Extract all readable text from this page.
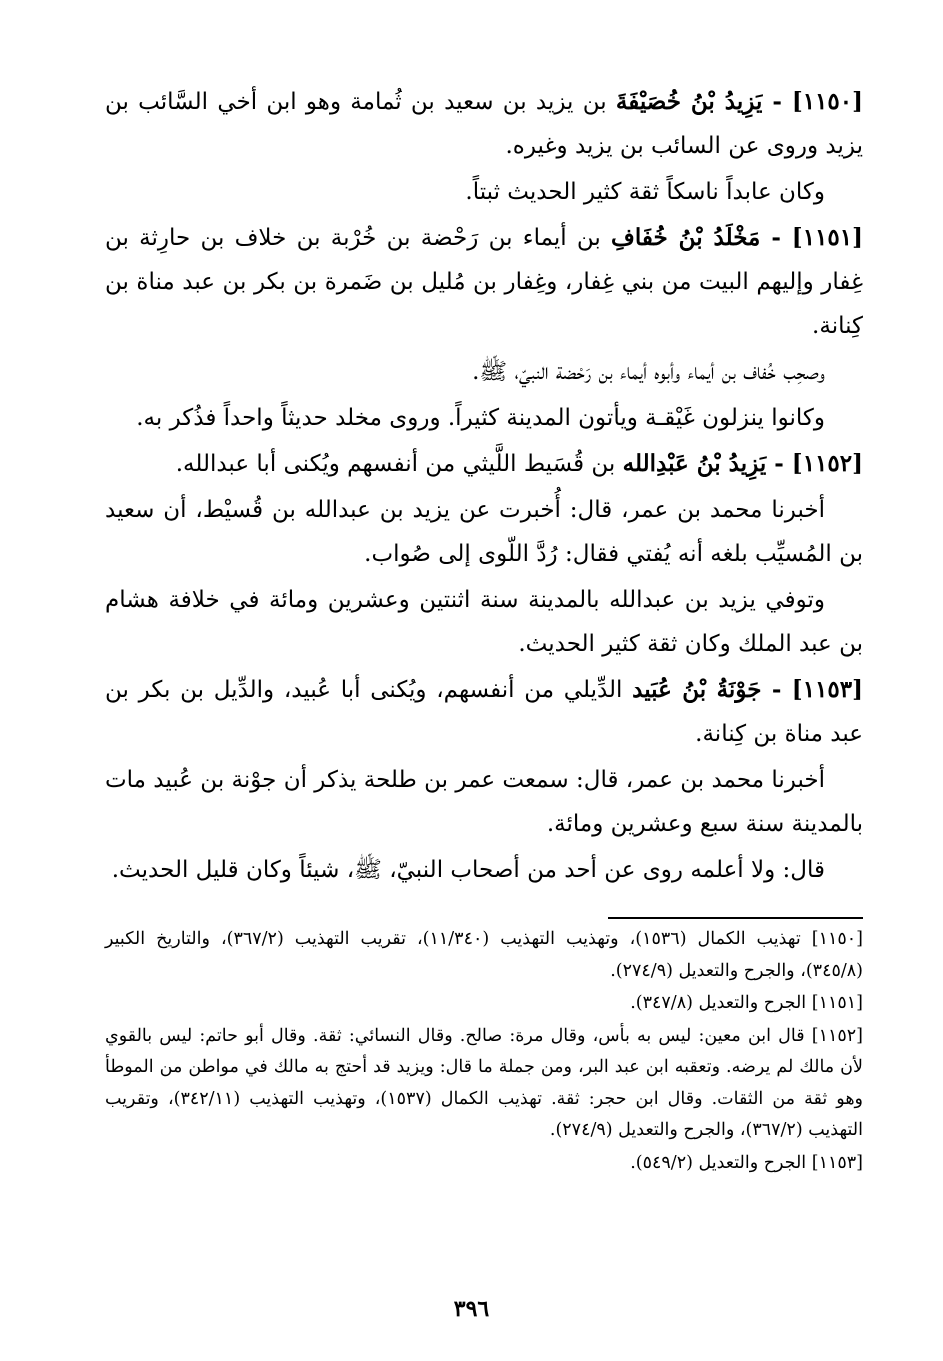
[١١٥٠] - يَزِيدُ بْنُ خُصَيْفَةَ بن يزيد بن سعيد بن ثُمامة وهو ابن أخي السَّائب بن يزيد وروى عن السائب بن يزيد وغيره.

وكان عابداً ناسكاً ثقة كثير الحديث ثبتاً.

[١١٥١] - مَخْلَدُ بْنُ خُفَافِ بن أيماء بن رَحْضة بن خُرْبة بن خلاف بن حارِثة بن غِفار وإليهم البيت من بني غِفار، وغِفار بن مُليل بن ضَمرة بن بكر بن عبد مناة بن كِنانة.

وصحِب خُفاف بن أيماء وأبوه أيماء بن رَحْضة النبيّ، ﷺ.

وكانوا ينزلون غَيْقـة ويأتون المدينة كثيراً. وروى مخلد حديثاً واحداً فذُكر به.

[١١٥٢] - يَزِيدُ بْنُ عَبْدِالله بن قُسَيط اللَّيثي من أنفسهم ويُكنى أبا عبدالله.

أخبرنا محمد بن عمر، قال: أُخبرت عن يزيد بن عبدالله بن قُسيْط، أن سعيد بن المُسيِّب بلغه أنه يُفتي فقال: رُدَّ اللّوى إلى صُواب.

وتوفي يزيد بن عبدالله بالمدينة سنة اثنتين وعشرين ومائة في خلافة هشام بن عبد الملك وكان ثقة كثير الحديث.

[١١٥٣] - جَوْنَةُ بْنُ عُبَيد الدِّيلي من أنفسهم، ويُكنى أبا عُبيد، والدِّيل بن بكر بن عبد مناة بن كِنانة.

أخبرنا محمد بن عمر، قال: سمعت عمر بن طلحة يذكر أن جوْنة بن عُبيد مات بالمدينة سنة سبع وعشرين ومائة.

قال: ولا أعلمه روى عن أحد من أصحاب النبيّ، ﷺ، شيئاً وكان قليل الحديث.

[١١٥٠] تهذيب الكمال (١٥٣٦)، وتهذيب التهذيب (١١/٣٤٠)، تقريب التهذيب (٣٦٧/٢)، والتاريخ الكبير (٣٤٥/٨)، والجرح والتعديل (٢٧٤/٩).

[١١٥١] الجرح والتعديل (٣٤٧/٨).

[١١٥٢] قال ابن معين: ليس به بأس، وقال مرة: صالح. وقال النسائي: ثقة. وقال أبو حاتم: ليس بالقوي لأن مالك لم يرضه. وتعقبه ابن عبد البر، ومن جملة ما قال: ويزيد قد أحتج به مالك في مواطن من الموطأ وهو ثقة من الثقات. وقال ابن حجر: ثقة. تهذيب الكمال (١٥٣٧)، وتهذيب التهذيب (٣٤٢/١١)، وتقريب التهذيب (٣٦٧/٢)، والجرح والتعديل (٢٧٤/٩).

[١١٥٣] الجرح والتعديل (٥٤٩/٢).

٣٩٦
